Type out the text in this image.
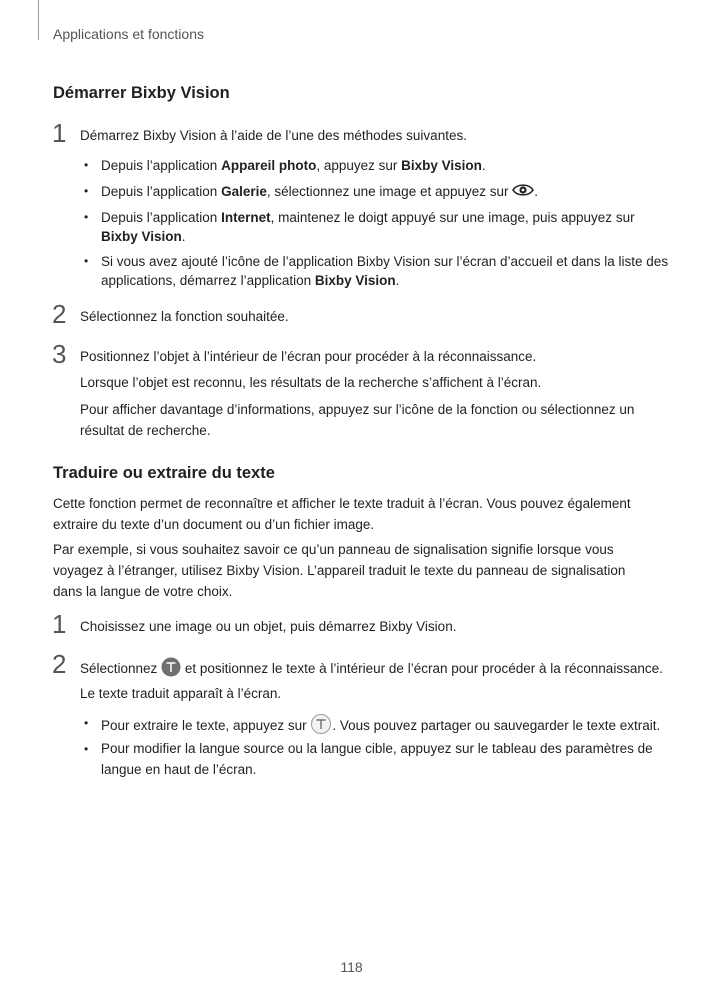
Applications et fonctions
Démarrer Bixby Vision
1 Démarrez Bixby Vision à l’aide de l’une des méthodes suivantes.
• Depuis l’application Appareil photo, appuyez sur Bixby Vision.
• Depuis l’application Galerie, sélectionnez une image et appuyez sur .
• Depuis l’application Internet, maintenez le doigt appuyé sur une image, puis appuyez sur
Bixby Vision.
• Si vous avez ajouté l’icône de l’application Bixby Vision sur l’écran d’accueil et dans la liste des
applications, démarrez l’application Bixby Vision.
2 Sélectionnez la fonction souhaitée.
3 Positionnez l’objet à l’intérieur de l’écran pour procéder à la réconnaissance.
Lorsque l’objet est reconnu, les résultats de la recherche s’affichent à l’écran.
Pour afficher davantage d’informations, appuyez sur l’icône de la fonction ou sélectionnez un résultat de recherche.
Traduire ou extraire du texte
Cette fonction permet de reconnaître et afficher le texte traduit à l’écran. Vous pouvez également extraire du texte d’un document ou d’un fichier image.
Par exemple, si vous souhaitez savoir ce qu’un panneau de signalisation signifie lorsque vous voyagez à l’étranger, utilisez Bixby Vision. L’appareil traduit le texte du panneau de signalisation dans la langue de votre choix.
1 Choisissez une image ou un objet, puis démarrez Bixby Vision.
2 Sélectionnez  et positionnez le texte à l’intérieur de l’écran pour procéder à la réconnaissance.
Le texte traduit apparaît à l’écran.
• Pour extraire le texte, appuyez sur . Vous pouvez partager ou sauvegarder le texte extrait.
• Pour modifier la langue source ou la langue cible, appuyez sur le tableau des paramètres de langue en haut de l’écran.
118
